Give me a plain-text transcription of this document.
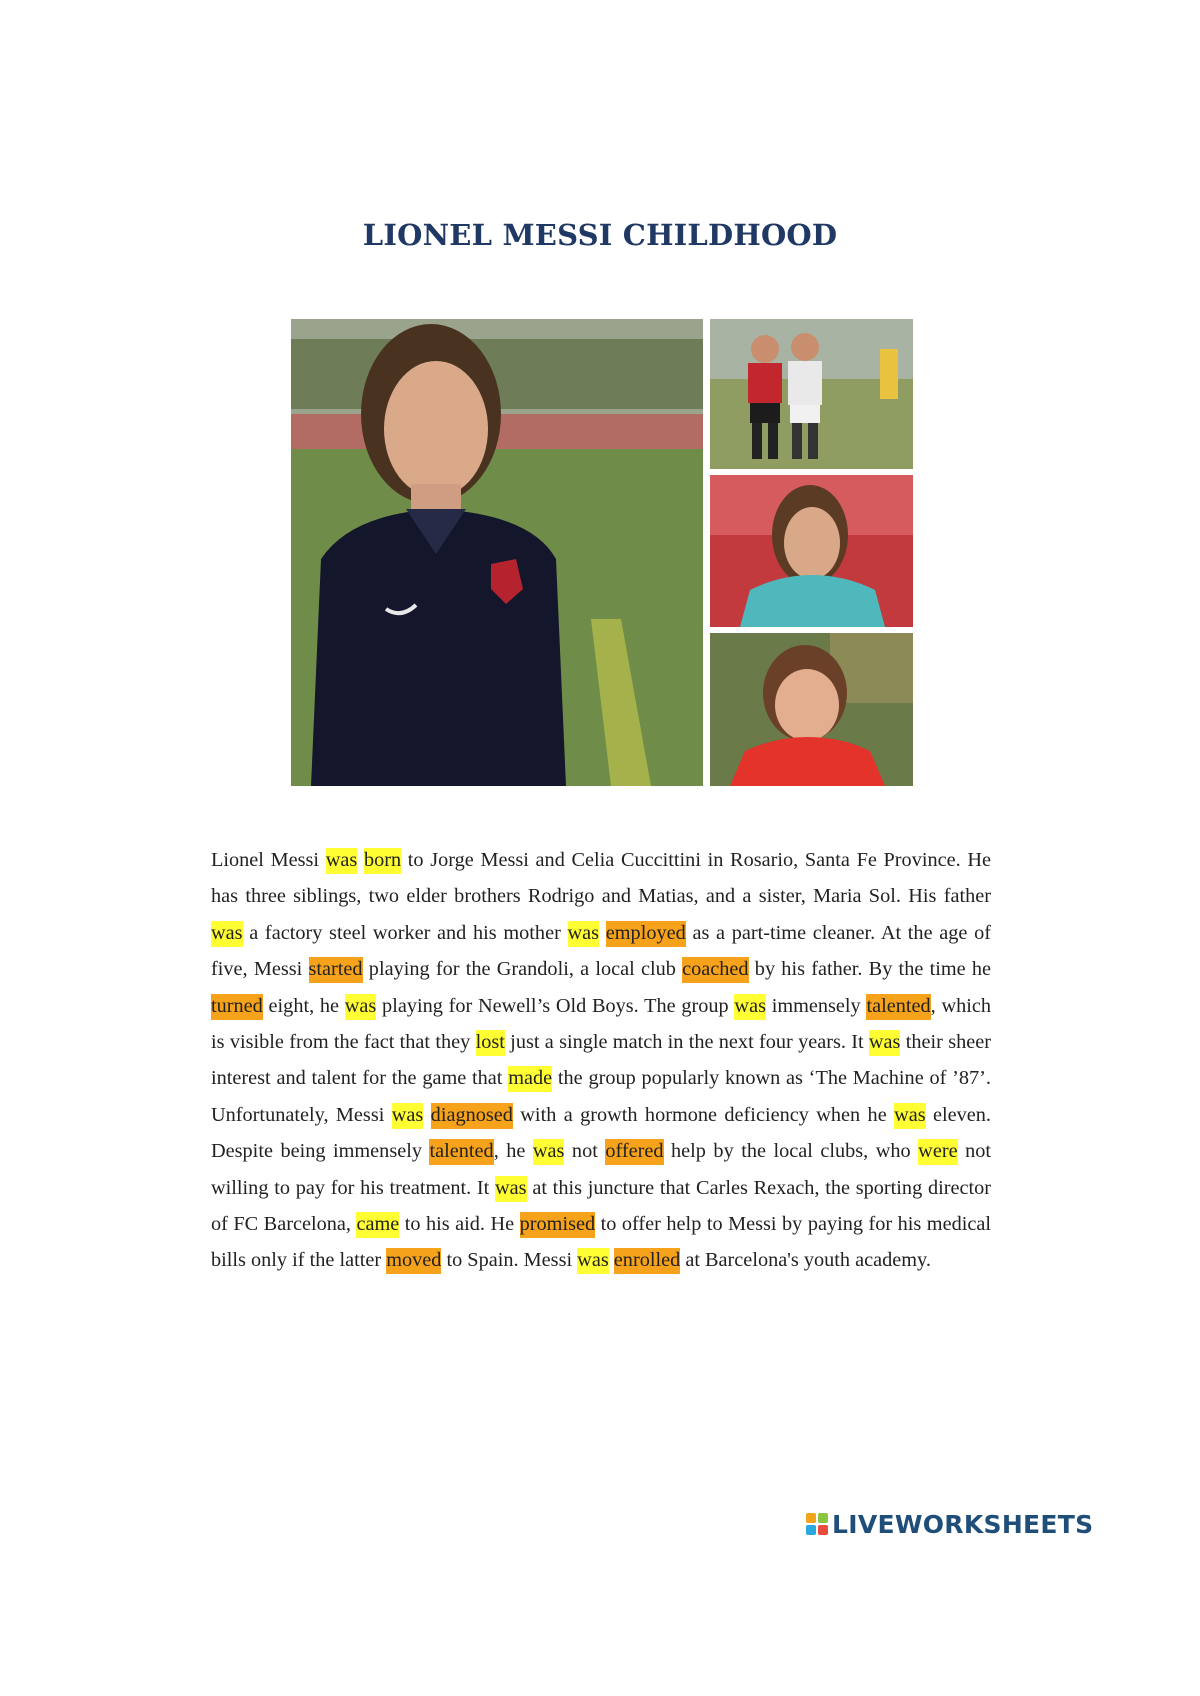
LIONEL MESSI CHILDHOOD
Lionel Messi was born to Jorge Messi and Celia Cuccittini in Rosario, Santa Fe Province. He has three siblings, two elder brothers Rodrigo and Matias, and a sister, Maria Sol. His father was a factory steel worker and his mother was employed as a part-time cleaner. At the age of five, Messi started playing for the Grandoli, a local club coached by his father. By the time he turned eight, he was playing for Newell’s Old Boys. The group was immensely talented, which is visible from the fact that they lost just a single match in the next four years. It was their sheer interest and talent for the game that made the group popularly known as ‘The Machine of ’87’. Unfortunately, Messi was diagnosed with a growth hormone deficiency when he was eleven. Despite being immensely talented, he was not offered help by the local clubs, who were not willing to pay for his treatment. It was at this juncture that Carles Rexach, the sporting director of FC Barcelona, came to his aid. He promised to offer help to Messi by paying for his medical bills only if the latter moved to Spain. Messi was enrolled at Barcelona's youth academy.
LIVEWORKSHEETS
